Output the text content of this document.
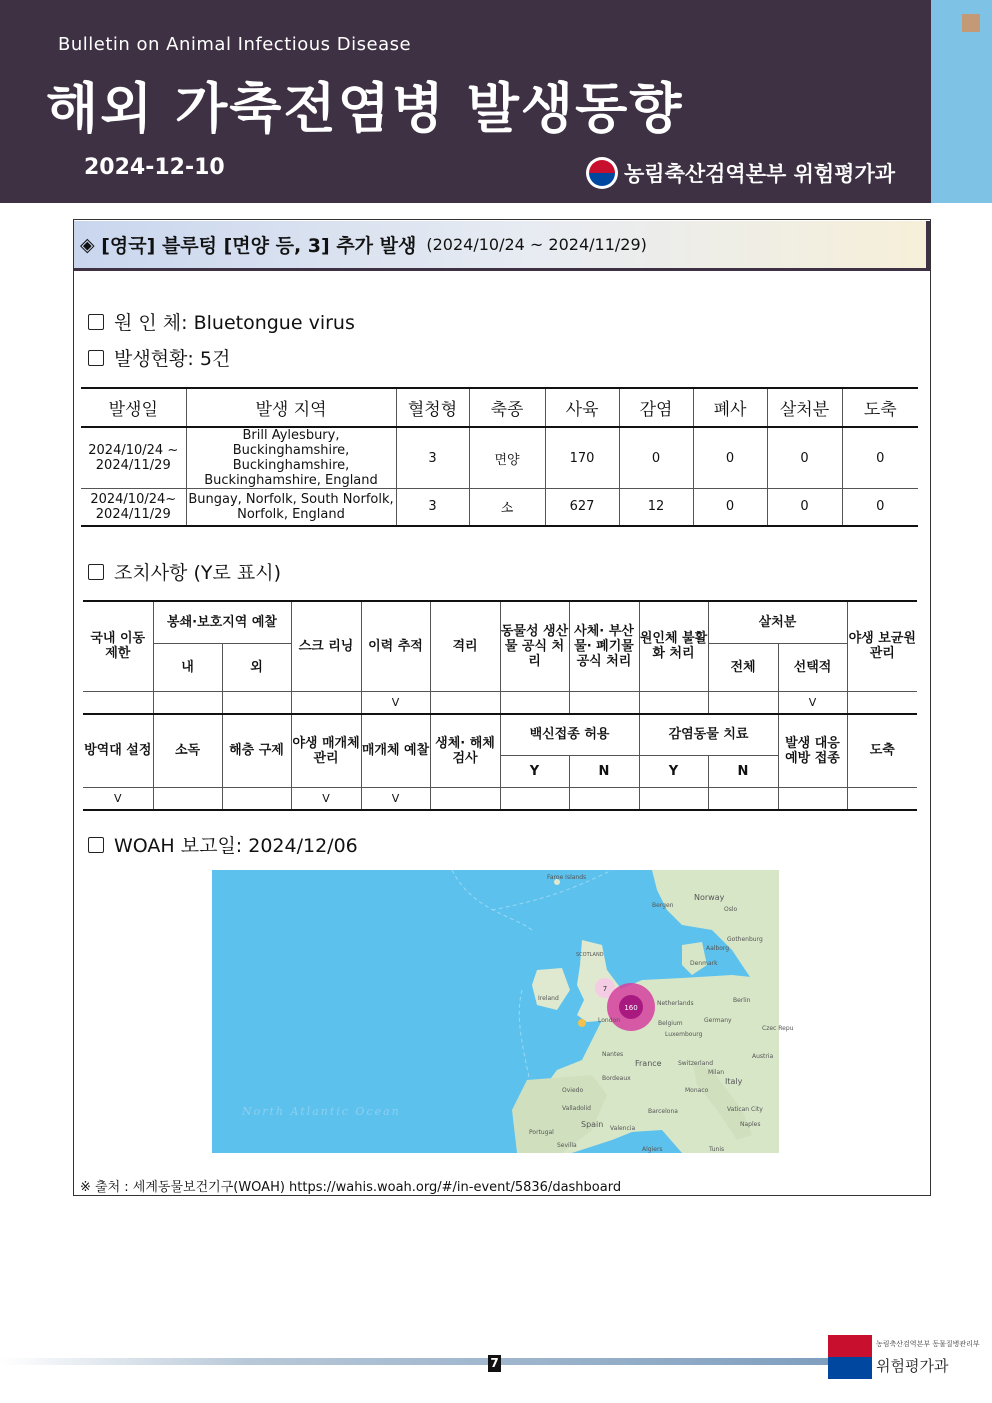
Bulletin on Animal Infectious Disease
해외 가축전염병 발생동향
2024-12-10	농림축산검역본부 위험평가과
◈
[영국] 블루텅 [면양 등, 3] 추가 발생 (2024/10/24 ~ 2024/11/29)
원 인 체: Bluetongue virus
발생현황: 5건
발생일	발생 지역	혈청형	축종	사육	감염	폐사	살처분	도축
2024/10/24 ~ 2024/11/29	Brill Aylesbury, Buckinghamshire, Buckinghamshire, Buckinghamshire, England	3	면양	170	0	0	0	0
2024/10/24~ 2024/11/29	Bungay, Norfolk, South Norfolk, Norfolk, England	3	소	627	12	0	0	0
조치사항 (Y로 표시)
국내 이동 제한	봉쇄·보호지역 예찰		스크 리닝	이력 추적	격리	동물성 생산물 공식 처리	사체· 부산물· 폐기물 공식 처리	원인체 불활화 처리	살처분		야생 보균원 관리
	내	외							전체	선택적	
				V						V	
방역대 설정	소독	해충 구제	야생 매개체 관리	매개체 예찰	생체· 해체 검사	백신접종 허용		감염동물 치료		발생 대응 예방 접종	도축
						Y	N	Y	N		
V			V	V							
WOAH 보고일: 2024/12/06
7
160
Faroe Islands
Norway
Bergen
Oslo
Aalborg
Gothenburg
Denmark
SCOTLAND
Ireland
London
Netherlands	Berlin
Belgium	Germany
Luxembourg
Czec Repu
Nantes
France
Bordeaux
Switzerland
Milan
Austria
Italy
Oviedo
Valladolid
Spain
Portugal
Valencia
Barcelona
Monaco
Vatican City
Naples
Tunis
Sevilla
Algiers
North Atlantic Ocean
※ 출처 : 세계동물보건기구(WOAH) https://wahis.woah.org/#/in-event/5836/dashboard
7
농림축산검역본부 동물질병관리부
위험평가과
